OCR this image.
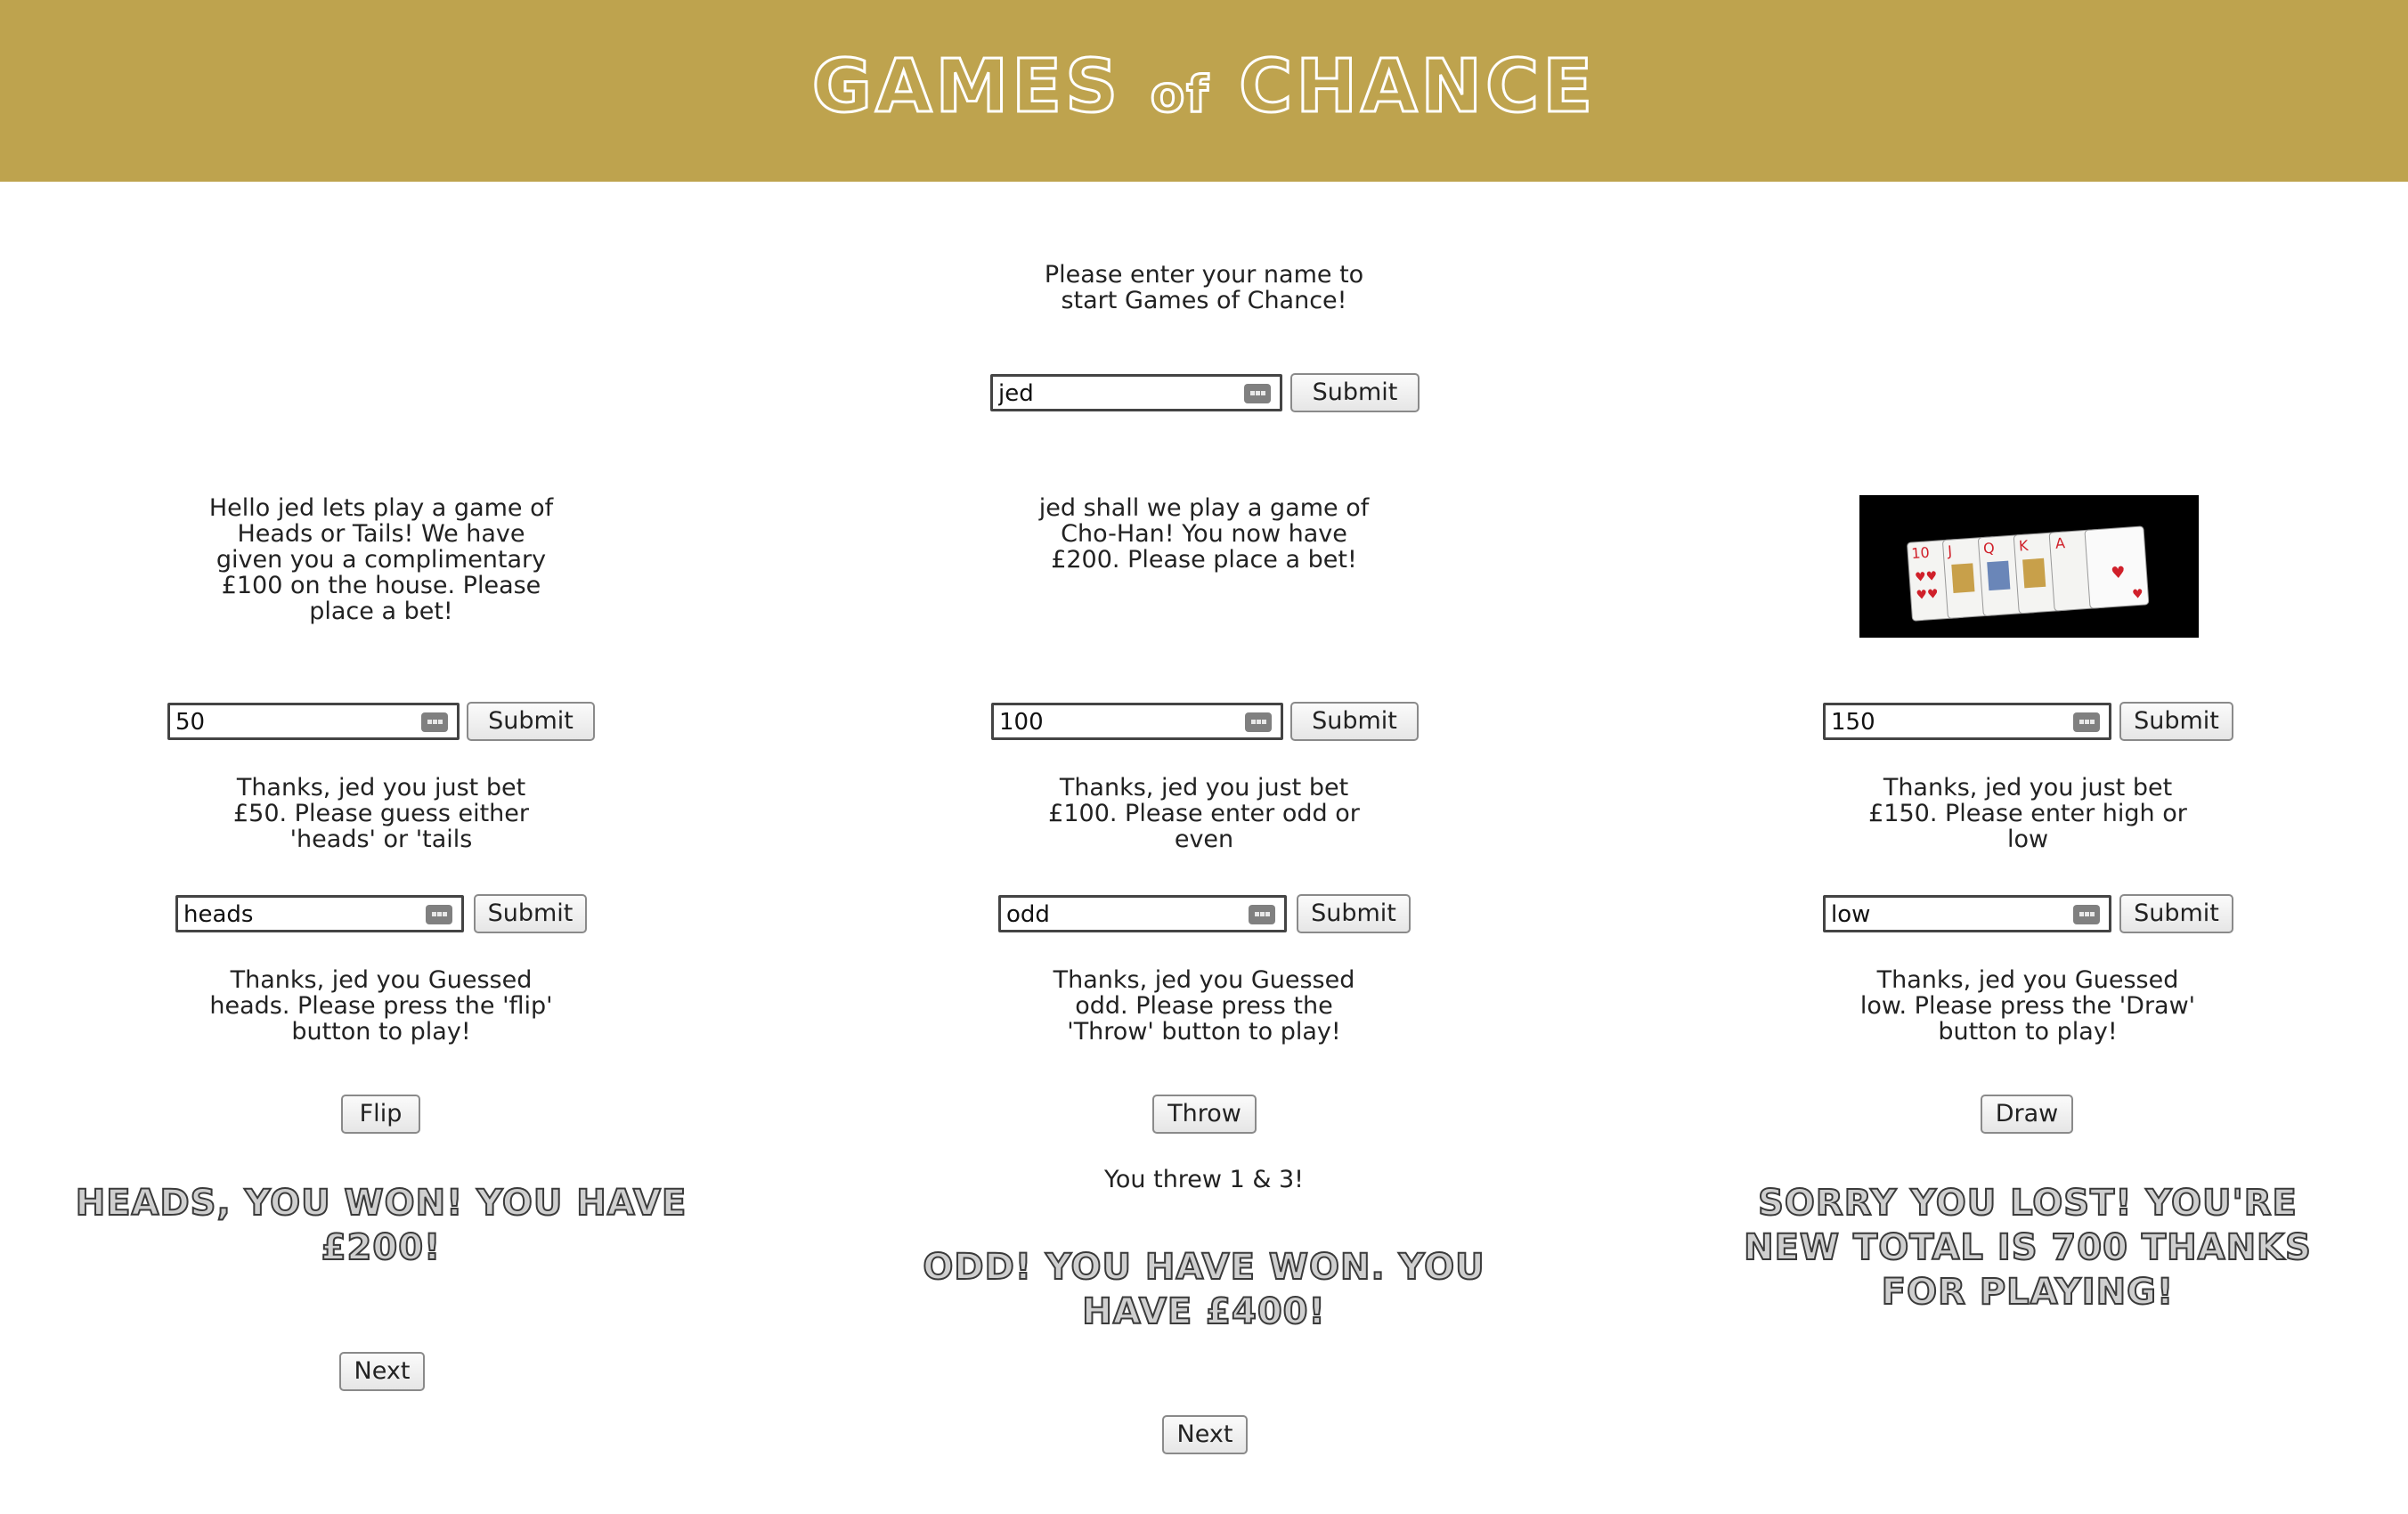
GAMES of CHANCE
Please enter your name to start Games of Chance!
jed
Submit
Hello jed lets play a game of Heads or Tails! We have given you a complimentary £100 on the house. Please place a bet!
50
Submit
Thanks, jed you just bet £50. Please guess either 'heads' or 'tails
heads
Submit
Thanks, jed you Guessed heads. Please press the 'flip' button to play!
Flip
HEADS, YOU WON! YOU HAVE £200!
Next
jed shall we play a game of Cho-Han! You now have £200. Please place a bet!
100
Submit
Thanks, jed you just bet £100. Please enter odd or even
odd
Submit
Thanks, jed you Guessed odd. Please press the 'Throw' button to play!
Throw
You threw 1 & 3!
ODD! YOU HAVE WON. YOU HAVE £400!
Next
10 J Q K A
♥♥
♥♥
♥
♥
150
Submit
Thanks, jed you just bet £150. Please enter high or low
low
Submit
Thanks, jed you Guessed low. Please press the 'Draw' button to play!
Draw
SORRY YOU LOST! YOU'RE NEW TOTAL IS 700 THANKS FOR PLAYING!
